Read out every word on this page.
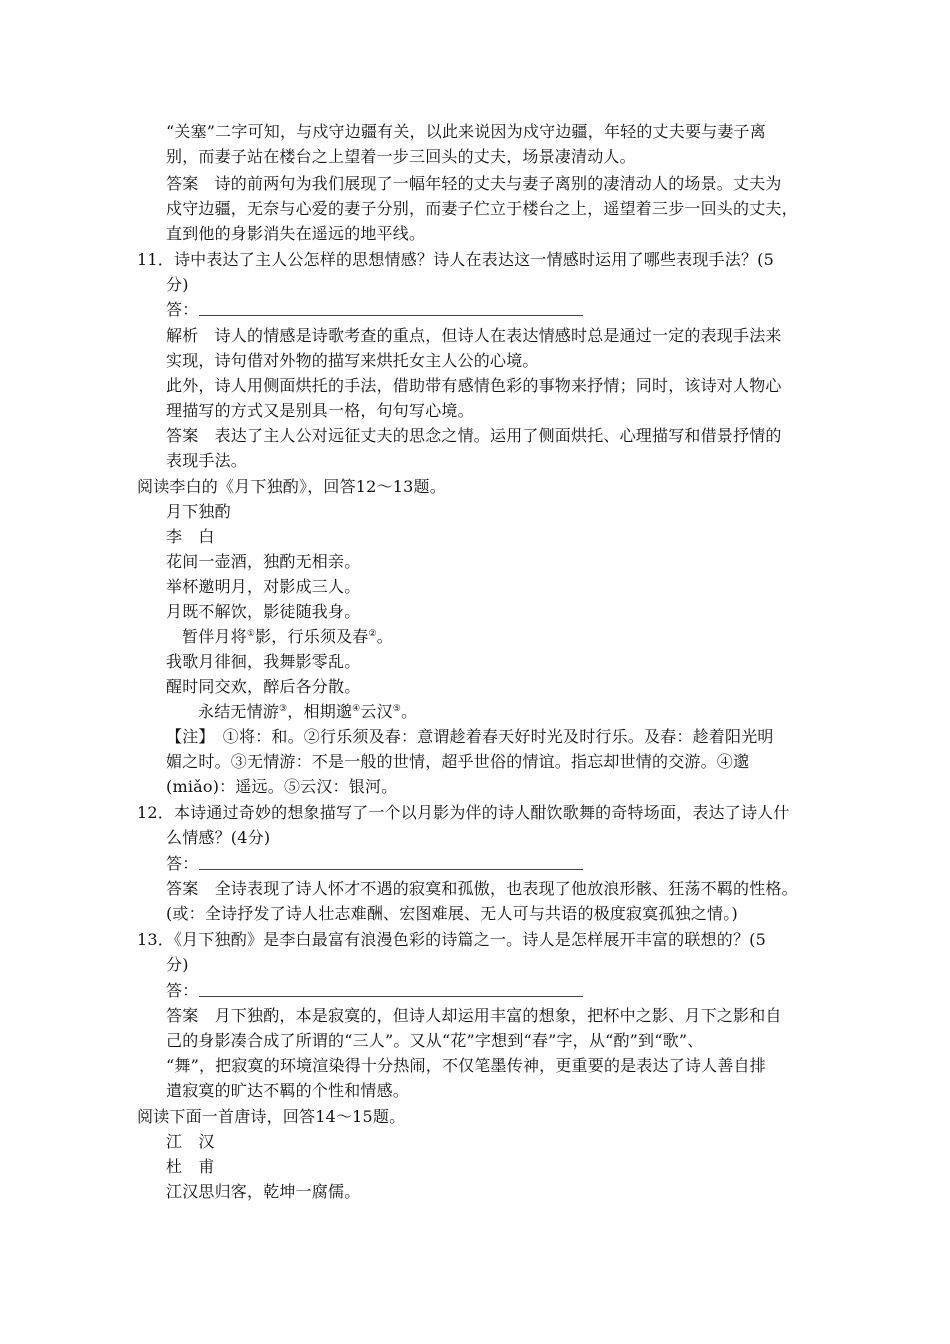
“关塞”二字可知，与戍守边疆有关，以此来说因为戍守边疆，年轻的丈夫要与妻子离
别，而妻子站在楼台之上望着一步三回头的丈夫，场景凄清动人。
答案　诗的前两句为我们展现了一幅年轻的丈夫与妻子离别的凄清动人的场景。丈夫为
戍守边疆，无奈与心爱的妻子分别，而妻子伫立于楼台之上，遥望着三步一回头的丈夫，
直到他的身影消失在遥远的地平线。
11．诗中表达了主人公怎样的思想情感？诗人在表达这一情感时运用了哪些表现手法？(5
分)
答：
解析　诗人的情感是诗歌考查的重点，但诗人在表达情感时总是通过一定的表现手法来
实现，诗句借对外物的描写来烘托女主人公的心境。
此外，诗人用侧面烘托的手法，借助带有感情色彩的事物来抒情；同时，该诗对人物心
理描写的方式又是别具一格，句句写心境。
答案　表达了主人公对远征丈夫的思念之情。运用了侧面烘托、心理描写和借景抒情的
表现手法。
阅读李白的《月下独酌》，回答12～13题。
月下独酌
李　白
花间一壶酒，独酌无相亲。
举杯邀明月，对影成三人。
月既不解饮，影徒随我身。
暂伴月将①影，行乐须及春②。
我歌月徘徊，我舞影零乱。
醒时同交欢，醉后各分散。
永结无情游③，相期邈④云汉⑤。
【注】　①将：和。②行乐须及春：意谓趁着春天好时光及时行乐。及春：趁着阳光明
媚之时。③无情游：不是一般的世情，超乎世俗的情谊。指忘却世情的交游。④邈
(miǎo)：遥远。⑤云汉：银河。
12．本诗通过奇妙的想象描写了一个以月影为伴的诗人酣饮歌舞的奇特场面，表达了诗人什
么情感？(4分)
答：
答案　全诗表现了诗人怀才不遇的寂寞和孤傲，也表现了他放浪形骸、狂荡不羁的性格。
(或：全诗抒发了诗人壮志难酬、宏图难展、无人可与共语的极度寂寞孤独之情。)
13．《月下独酌》是李白最富有浪漫色彩的诗篇之一。诗人是怎样展开丰富的联想的？(5
分)
答：
答案　月下独酌，本是寂寞的，但诗人却运用丰富的想象，把杯中之影、月下之影和自
己的身影凑合成了所谓的“三人”。又从“花”字想到“春”字，从“酌”到“歌”、
“舞”，把寂寞的环境渲染得十分热闹，不仅笔墨传神，更重要的是表达了诗人善自排
遣寂寞的旷达不羁的个性和情感。
阅读下面一首唐诗，回答14～15题。
江　汉
杜　甫
江汉思归客，乾坤一腐儒。
